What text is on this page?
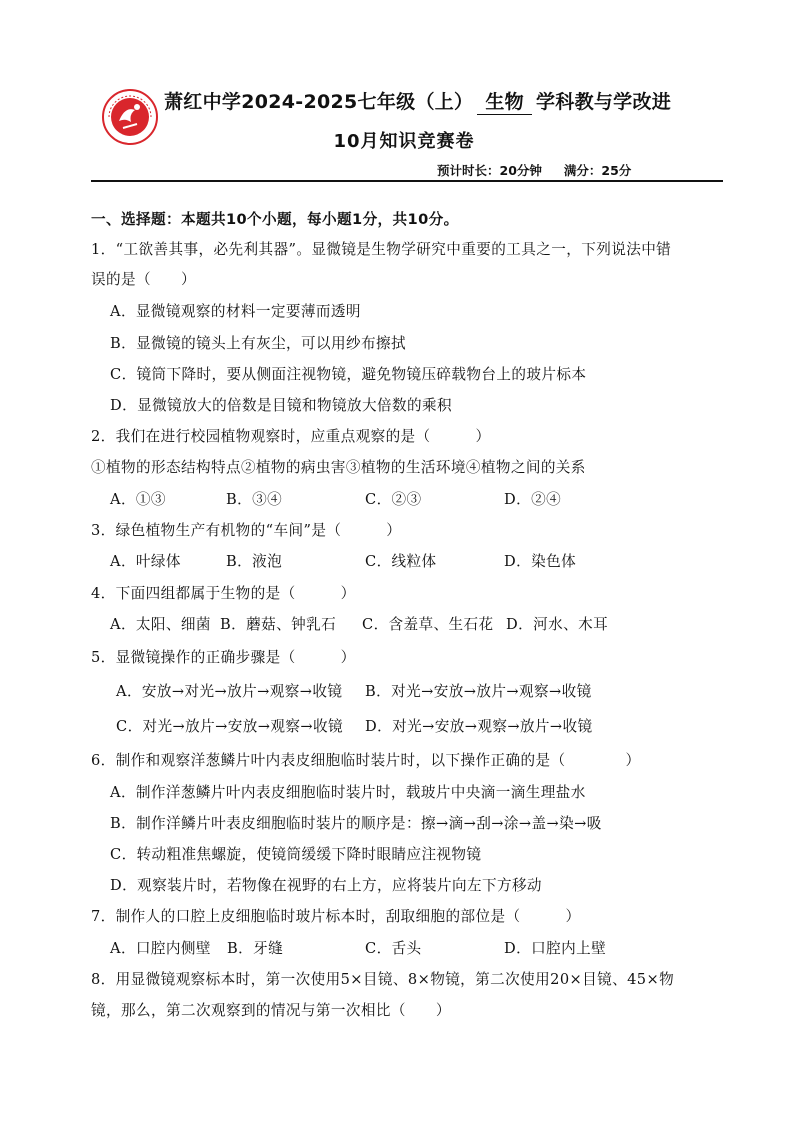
萧红中学2024-2025七年级（上） 生物 学科教与学改进
10月知识竞赛卷
预计时长：20分钟 满分：25分
一、选择题：本题共10个小题，每小题1分，共10分。
1．“工欲善其事，必先利其器”。显微镜是生物学研究中重要的工具之一，下列说法中错
误的是（　　）
A．显微镜观察的材料一定要薄而透明
B．显微镜的镜头上有灰尘，可以用纱布擦拭
C．镜筒下降时，要从侧面注视物镜，避免物镜压碎载物台上的玻片标本
D．显微镜放大的倍数是目镜和物镜放大倍数的乘积
2．我们在进行校园植物观察时，应重点观察的是（　　　）
①植物的形态结构特点②植物的病虫害③植物的生活环境④植物之间的关系
A．①③	B．③④	C．②③	D．②④
3．绿色植物生产有机物的“车间”是（　　　）
A．叶绿体	B．液泡	C．线粒体	D．染色体
4．下面四组都属于生物的是（　　　）
A．太阳、细菌 B．蘑菇、钟乳石 C．含羞草、生石花 D．河水、木耳
5．显微镜操作的正确步骤是（　　　）
A．安放→对光→放片→观察→收镜 B．对光→安放→放片→观察→收镜
C．对光→放片→安放→观察→收镜 D．对光→安放→观察→放片→收镜
6．制作和观察洋葱鳞片叶内表皮细胞临时装片时，以下操作正确的是（　　　　）
A．制作洋葱鳞片叶内表皮细胞临时装片时，载玻片中央滴一滴生理盐水
B．制作洋鳞片叶表皮细胞临时装片的顺序是：擦→滴→刮→涂→盖→染→吸
C．转动粗准焦螺旋，使镜筒缓缓下降时眼睛应注视物镜
D．观察装片时，若物像在视野的右上方，应将装片向左下方移动
7．制作人的口腔上皮细胞临时玻片标本时，刮取细胞的部位是（　　　）
A．口腔内侧壁 B．牙缝	C．舌头	D．口腔内上壁
8．用显微镜观察标本时，第一次使用5×目镜、8×物镜，第二次使用20×目镜、45×物
镜，那么，第二次观察到的情况与第一次相比（　　）
